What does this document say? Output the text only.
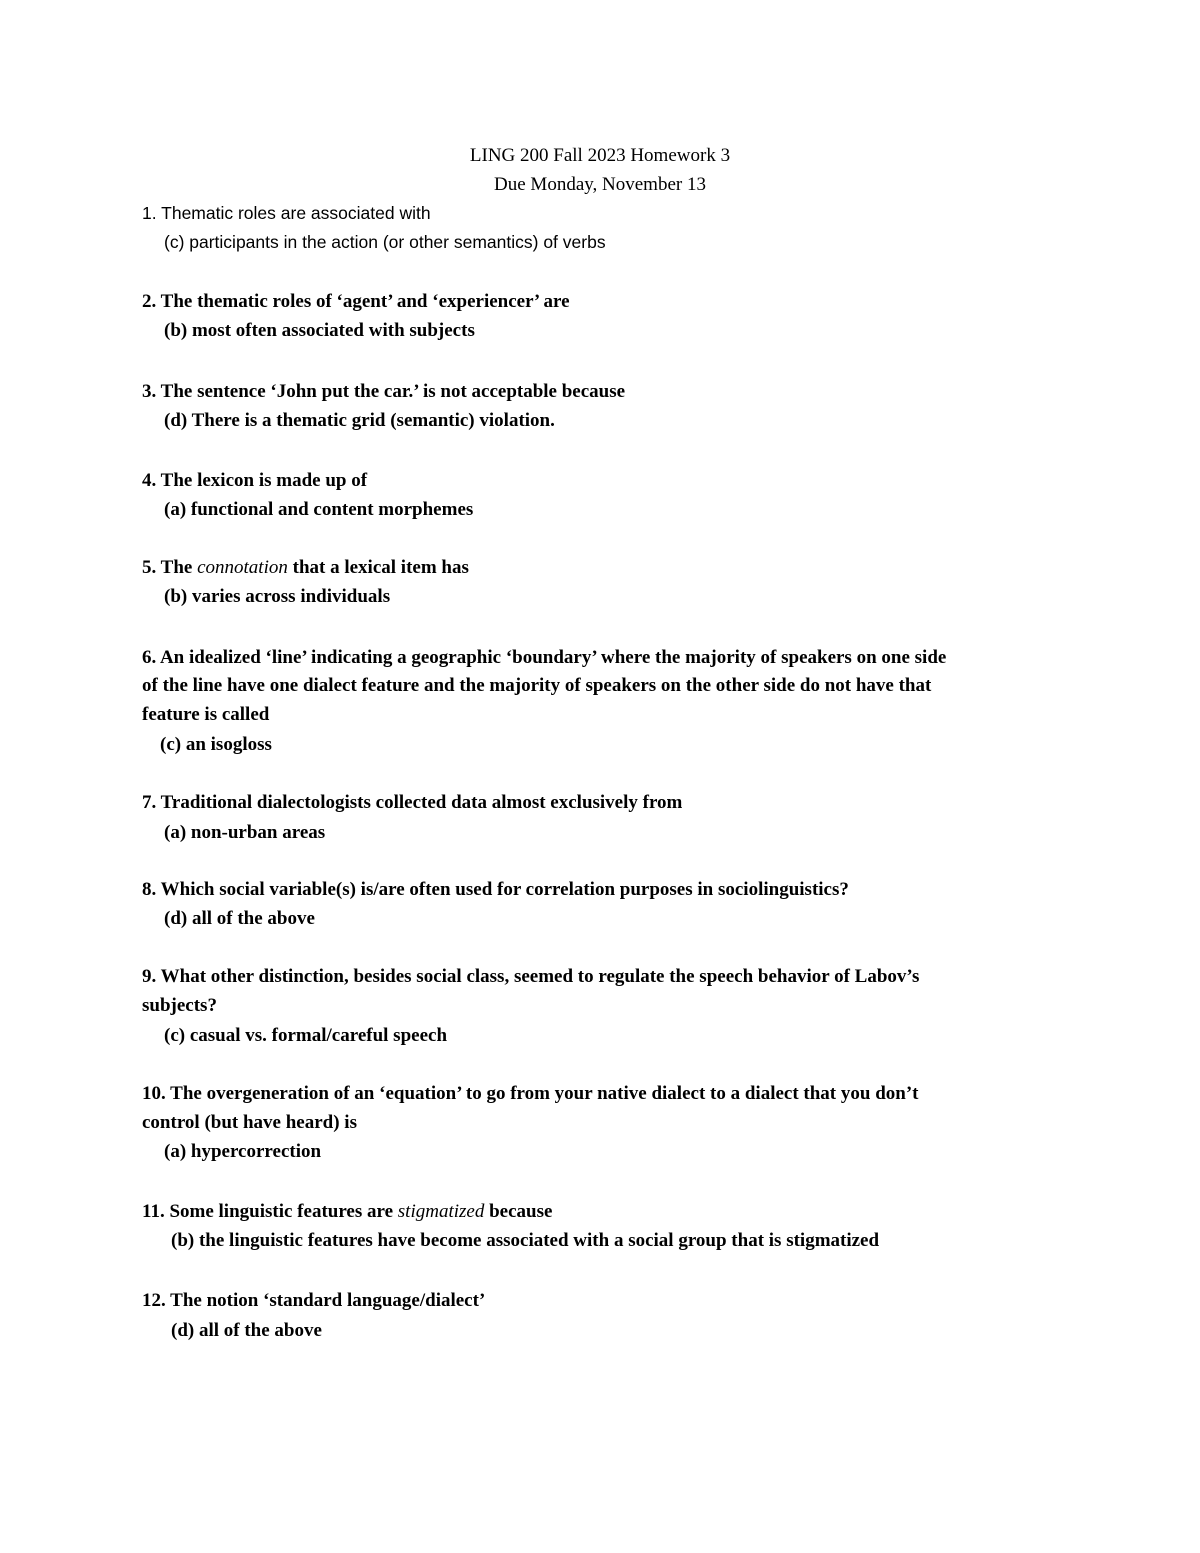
LING 200 Fall 2023 Homework 3
Due Monday, November 13
1. Thematic roles are associated with
(c) participants in the action (or other semantics) of verbs
2. The thematic roles of ‘agent’ and ‘experiencer’ are
(b) most often associated with subjects
3. The sentence ‘John put the car.’ is not acceptable because
(d) There is a thematic grid (semantic) violation.
4. The lexicon is made up of
(a) functional and content morphemes
5. The connotation that a lexical item has
(b) varies across individuals
6. An idealized ‘line’ indicating a geographic ‘boundary’ where the majority of speakers on one side
of the line have one dialect feature and the majority of speakers on the other side do not have that
feature is called
(c) an isogloss
7. Traditional dialectologists collected data almost exclusively from
(a) non-urban areas
8. Which social variable(s) is/are often used for correlation purposes in sociolinguistics?
(d) all of the above
9. What other distinction, besides social class, seemed to regulate the speech behavior of Labov’s
subjects?
(c) casual vs. formal/careful speech
10. The overgeneration of an ‘equation’ to go from your native dialect to a dialect that you don’t
control (but have heard) is
(a) hypercorrection
11. Some linguistic features are stigmatized because
(b) the linguistic features have become associated with a social group that is stigmatized
12. The notion ‘standard language/dialect’
(d) all of the above
